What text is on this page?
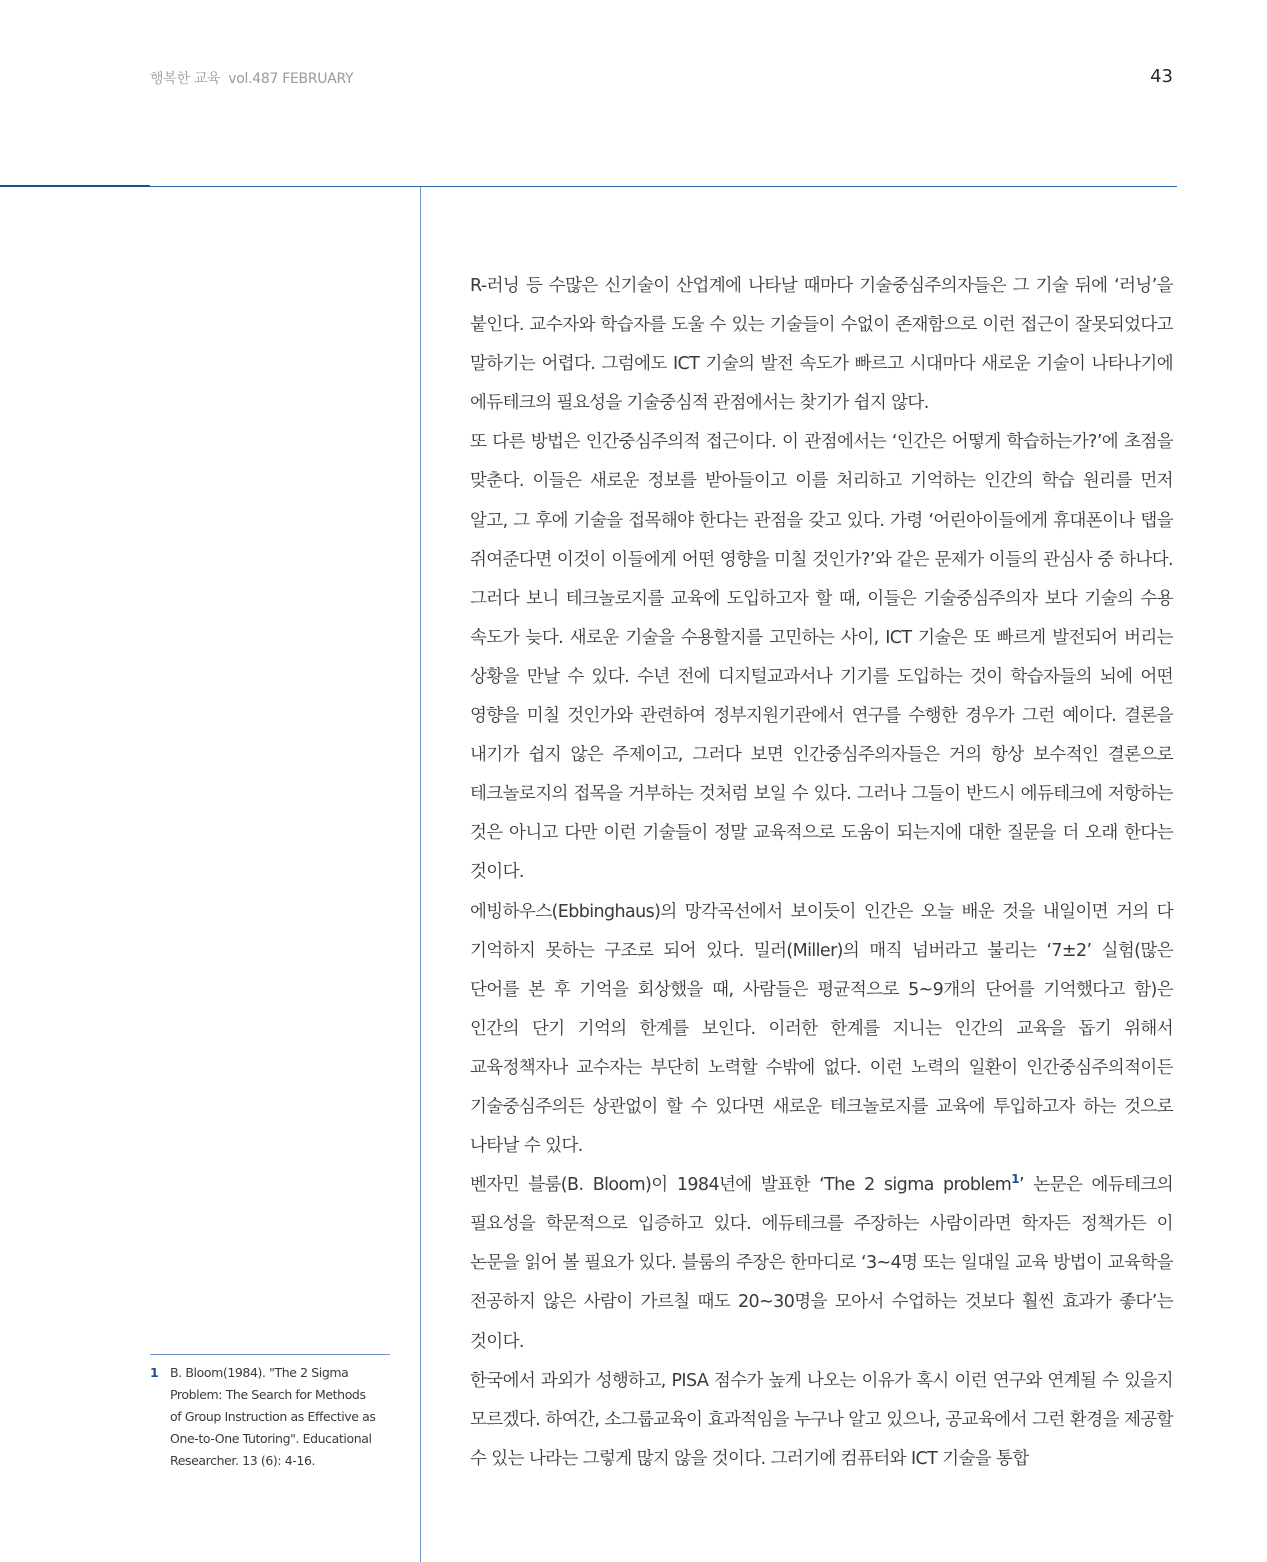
행복한 교육 vol.487 FEBRUARY	43

R-러닝 등 수많은 신기술이 산업계에 나타날 때마다 기술중심주의자들은 그 기술 뒤에 ‘러닝’을 붙인다. 교수자와 학습자를 도울 수 있는 기술들이 수없이 존재함으로 이런 접근이 잘못되었다고 말하기는 어렵다. 그럼에도 ICT 기술의 발전 속도가 빠르고 시대마다 새로운 기술이 나타나기에 에듀테크의 필요성을 기술중심적 관점에서는 찾기가 쉽지 않다.

또 다른 방법은 인간중심주의적 접근이다. 이 관점에서는 ‘인간은 어떻게 학습하는가?’에 초점을 맞춘다. 이들은 새로운 정보를 받아들이고 이를 처리하고 기억하는 인간의 학습 원리를 먼저 알고, 그 후에 기술을 접목해야 한다는 관점을 갖고 있다. 가령 ‘어린아이들에게 휴대폰이나 탭을 쥐여준다면 이것이 이들에게 어떤 영향을 미칠 것인가?’와 같은 문제가 이들의 관심사 중 하나다. 그러다 보니 테크놀로지를 교육에 도입하고자 할 때, 이들은 기술중심주의자 보다 기술의 수용 속도가 늦다. 새로운 기술을 수용할지를 고민하는 사이, ICT 기술은 또 빠르게 발전되어 버리는 상황을 만날 수 있다. 수년 전에 디지털교과서나 기기를 도입하는 것이 학습자들의 뇌에 어떤 영향을 미칠 것인가와 관련하여 정부지원기관에서 연구를 수행한 경우가 그런 예이다. 결론을 내기가 쉽지 않은 주제이고, 그러다 보면 인간중심주의자들은 거의 항상 보수적인 결론으로 테크놀로지의 접목을 거부하는 것처럼 보일 수 있다. 그러나 그들이 반드시 에듀테크에 저항하는 것은 아니고 다만 이런 기술들이 정말 교육적으로 도움이 되는지에 대한 질문을 더 오래 한다는 것이다.

에빙하우스(Ebbinghaus)의 망각곡선에서 보이듯이 인간은 오늘 배운 것을 내일이면 거의 다 기억하지 못하는 구조로 되어 있다. 밀러(Miller)의 매직 넘버라고 불리는 ‘7±2’ 실험(많은 단어를 본 후 기억을 회상했을 때, 사람들은 평균적으로 5~9개의 단어를 기억했다고 함)은 인간의 단기 기억의 한계를 보인다. 이러한 한계를 지니는 인간의 교육을 돕기 위해서 교육정책자나 교수자는 부단히 노력할 수밖에 없다. 이런 노력의 일환이 인간중심주의적이든 기술중심주의든 상관없이 할 수 있다면 새로운 테크놀로지를 교육에 투입하고자 하는 것으로 나타날 수 있다.

벤자민 블룸(B. Bloom)이 1984년에 발표한 ‘The 2 sigma problem$^1$’ 논문은 에듀테크의 필요성을 학문적으로 입증하고 있다. 에듀테크를 주장하는 사람이라면 학자든 정책가든 이 논문을 읽어 볼 필요가 있다. 블룸의 주장은 한마디로 ‘3~4명 또는 일대일 교육 방법이 교육학을 전공하지 않은 사람이 가르칠 때도 20~30명을 모아서 수업하는 것보다 훨씬 효과가 좋다’는 것이다.

한국에서 과외가 성행하고, PISA 점수가 높게 나오는 이유가 혹시 이런 연구와 연계될 수 있을지 모르겠다. 하여간, 소그룹교육이 효과적임을 누구나 알고 있으나, 공교육에서 그런 환경을 제공할 수 있는 나라는 그렇게 많지 않을 것이다. 그러기에 컴퓨터와 ICT 기술을 통합

1 B. Bloom(1984). "The 2 Sigma Problem: The Search for Methods of Group Instruction as Effective as One-to-One Tutoring". Educational Researcher. 13 (6): 4-16.
